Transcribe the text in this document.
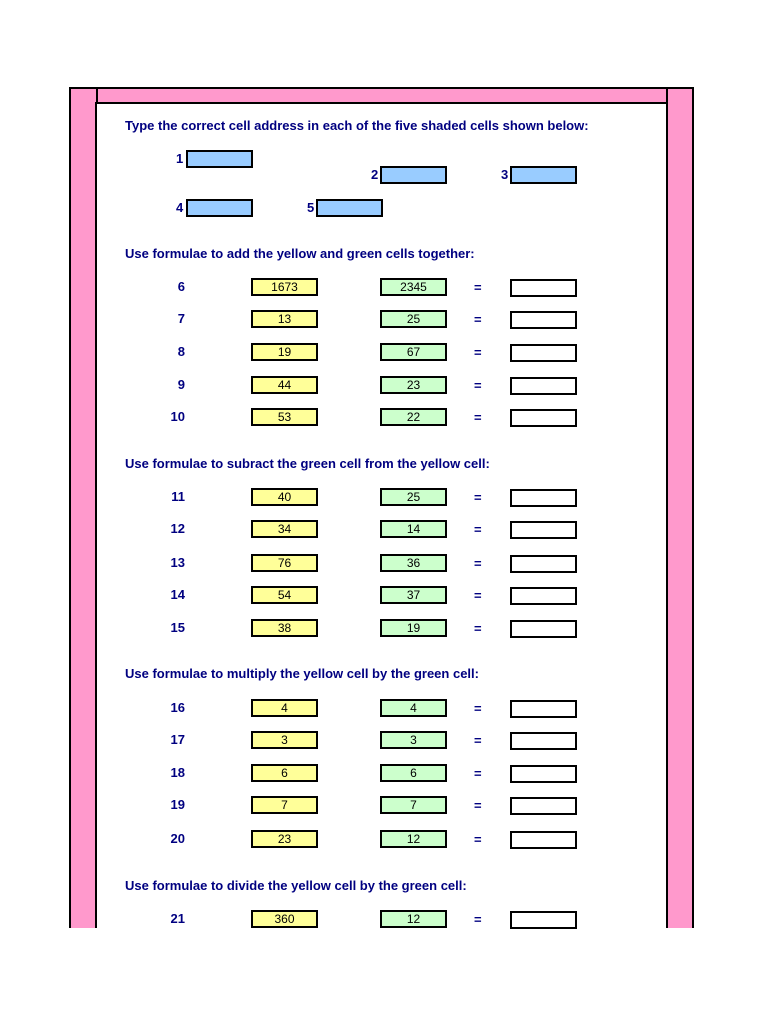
Type the correct cell address in each of the five shaded cells shown below:
1
2	3
4	5
Use formulae to add the yellow and green cells together:
Use formulae to subract the green cell from the yellow cell:
Use formulae to multiply the yellow cell by the green cell:
Use formulae to divide the yellow cell by the green cell:
6	1673	2345	=
7	13	25	=
8	19	67	=
9	44	23	=
10	53	22	=
11	40	25	=
12	34	14	=
13	76	36	=
14	54	37	=
15	38	19	=
16	4	4	=
17	3	3	=
18	6	6	=
19	7	7	=
20	23	12	=
21	360	12	=
